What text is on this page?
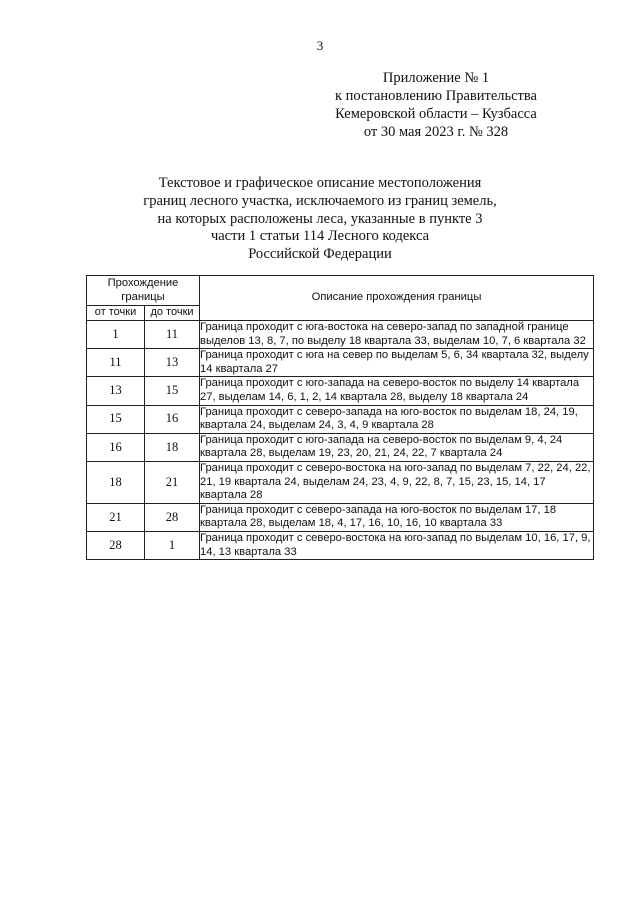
3
Приложение № 1
к постановлению Правительства
Кемеровской области – Кузбасса
от 30 мая 2023 г. № 328
Текстовое и графическое описание местоположения
границ лесного участка, исключаемого из границ земель,
на которых расположены леса, указанные в пункте 3
части 1 статьи 114 Лесного кодекса
Российской Федерации
Прохождение границы		Описание прохождения границы
от точки	до точки	
1	11	Граница проходит с юга-востока на северо-запад по западной границе выделов 13, 8, 7, по выделу 18 квартала 33, выделам 10, 7, 6 квартала 32
11	13	Граница проходит с юга на север по выделам 5, 6, 34 квартала 32, выделу 14 квартала 27
13	15	Граница проходит с юго-запада на северо-восток по выделу 14 квартала 27, выделам 14, 6, 1, 2, 14 квартала 28, выделу 18 квартала 24
15	16	Граница проходит с северо-запада на юго-восток по выделам 18, 24, 19, квартала 24, выделам 24, 3, 4, 9 квартала 28
16	18	Граница проходит с юго-запада на северо-восток по выделам 9, 4, 24 квартала 28, выделам 19, 23, 20, 21, 24, 22, 7 квартала 24
18	21	Граница проходит с северо-востока на юго-запад по выделам 7, 22, 24, 22, 21, 19 квартала 24, выделам 24, 23, 4, 9, 22, 8, 7, 15, 23, 15, 14, 17 квартала 28
21	28	Граница проходит с северо-запада на юго-восток по выделам 17, 18 квартала 28, выделам 18, 4, 17, 16, 10, 16, 10 квартала 33
28	1	Граница проходит с северо-востока на юго-запад по выделам 10, 16, 17, 9, 14, 13 квартала 33
